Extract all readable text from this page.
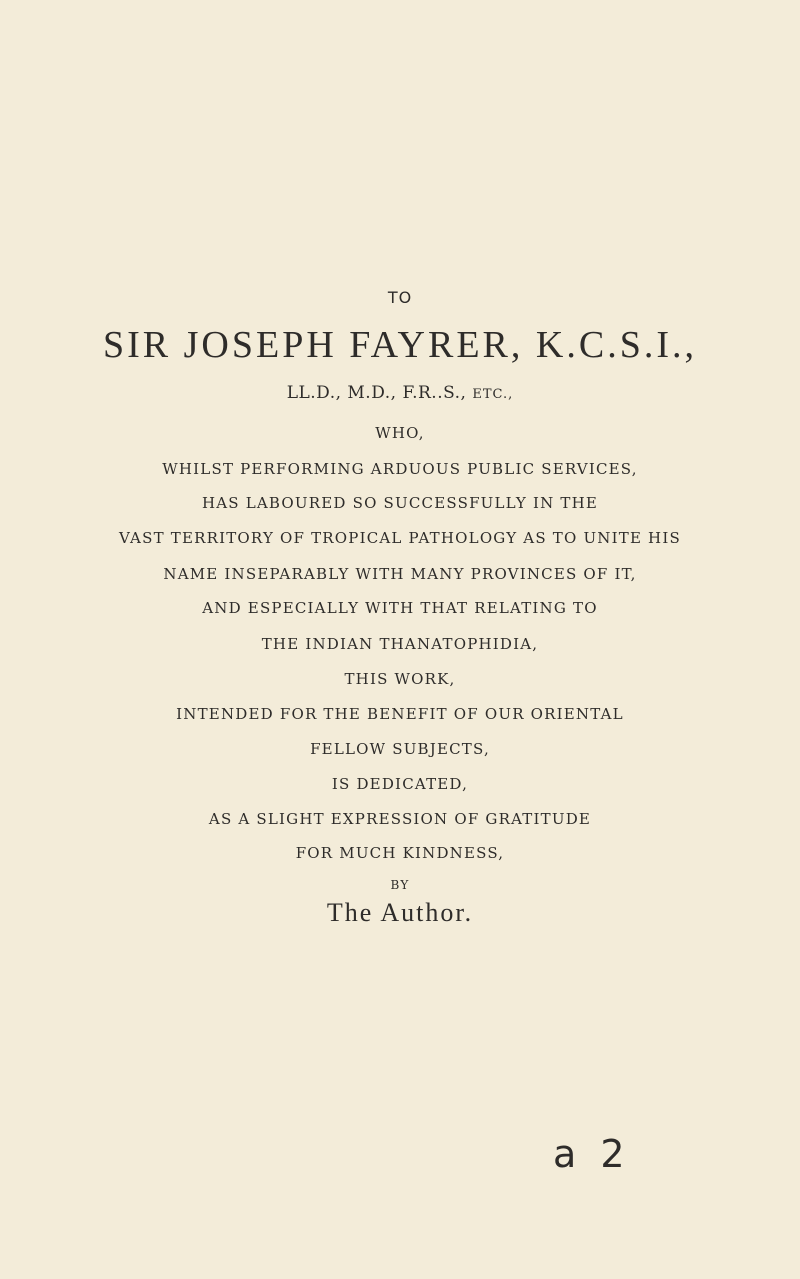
TO
SIR JOSEPH FAYRER, K.C.S.I.,
LL.D., M.D., F.R..S., ETC.,
WHO,
WHILST PERFORMING ARDUOUS PUBLIC SERVICES,
HAS LABOURED SO SUCCESSFULLY IN THE
VAST TERRITORY OF TROPICAL PATHOLOGY AS TO UNITE HIS
NAME INSEPARABLY WITH MANY PROVINCES OF IT,
AND ESPECIALLY WITH THAT RELATING TO
THE INDIAN THANATOPHIDIA,
THIS WORK,
INTENDED FOR THE BENEFIT OF OUR ORIENTAL
FELLOW SUBJECTS,
IS DEDICATED,
AS A SLIGHT EXPRESSION OF GRATITUDE
FOR MUCH KINDNESS,
BY
The Author.
a 2
